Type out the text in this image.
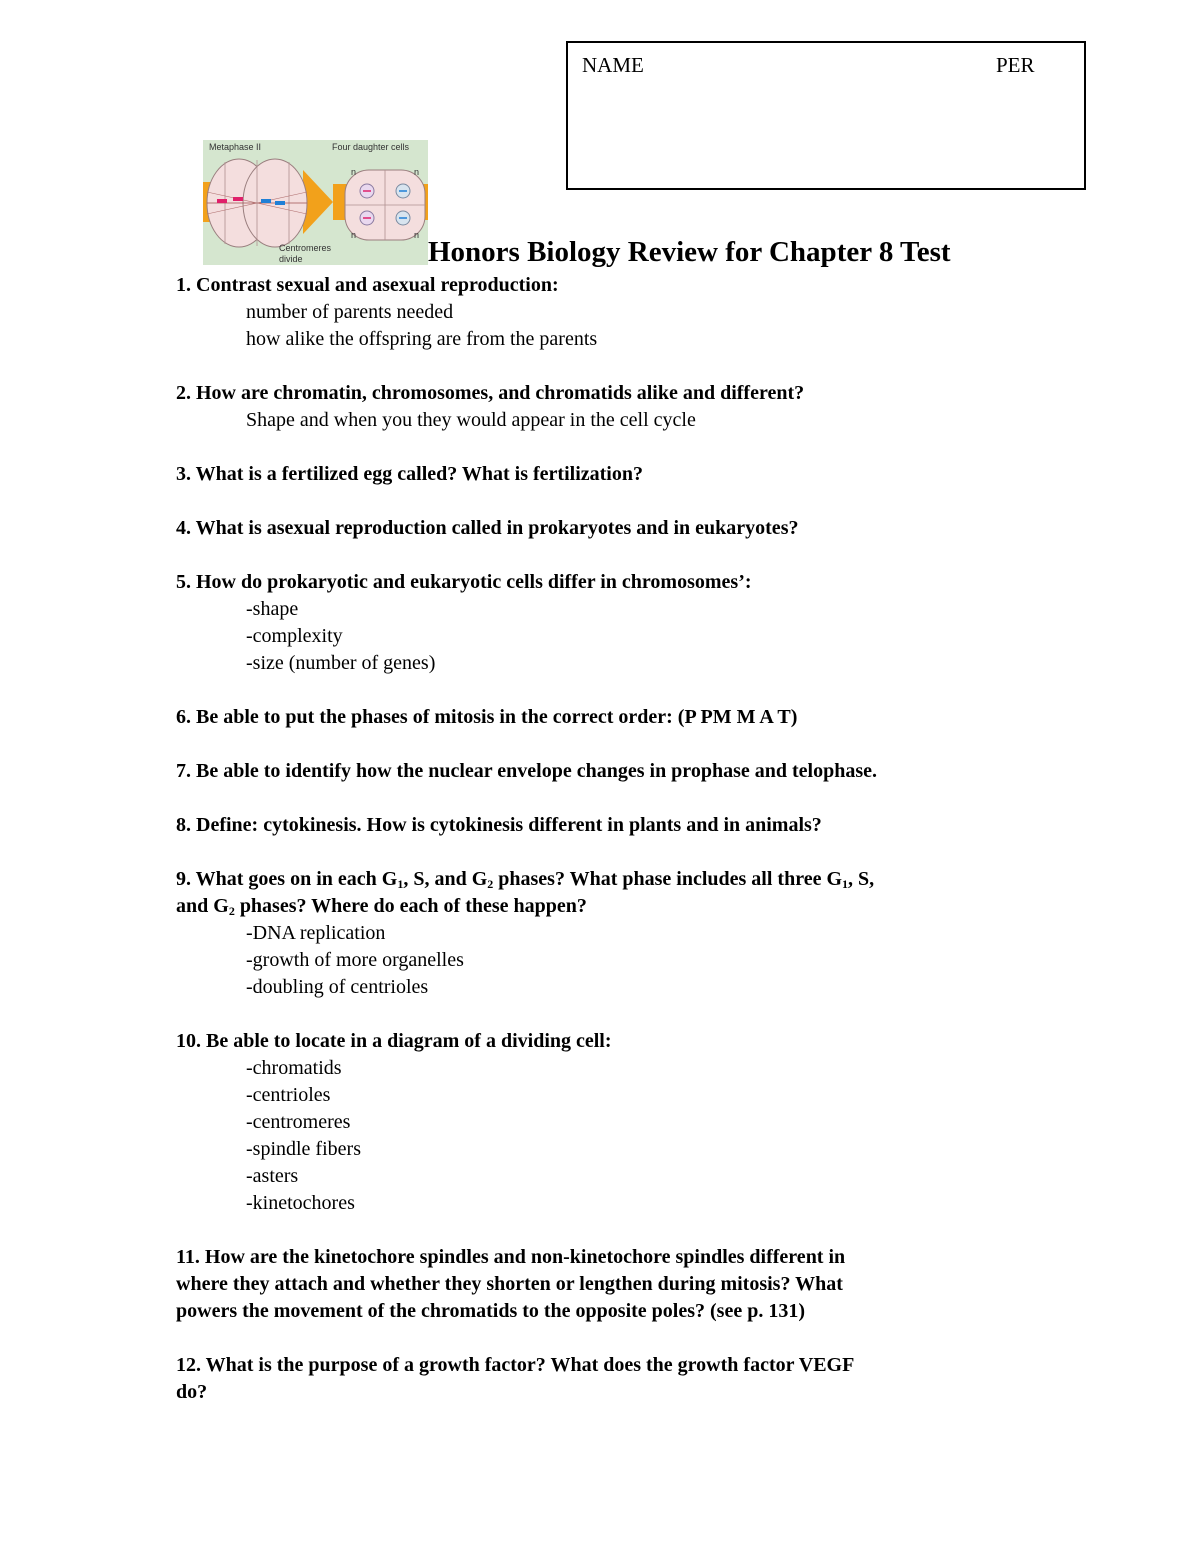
NAME	PER
Metaphase II	Four daughter cells
n	n
n	n
Centromeres
divide	Honors Biology Review for Chapter 8 Test
1. Contrast sexual and asexual reproduction:
number of parents needed
how alike the offspring are from the parents
2. How are chromatin, chromosomes, and chromatids alike and different?
Shape and when you they would appear in the cell cycle
3. What is a fertilized egg called? What is fertilization?
4. What is asexual reproduction called in prokaryotes and in eukaryotes?
5. How do prokaryotic and eukaryotic cells differ in chromosomes’:
-shape
-complexity
-size (number of genes)
6. Be able to put the phases of mitosis in the correct order: (P PM M A T)
7. Be able to identify how the nuclear envelope changes in prophase and telophase.
8. Define: cytokinesis. How is cytokinesis different in plants and in animals?
9. What goes on in each $G_1$, S, and $G_2$ phases? What phase includes all three $G_1$, S,
and $G_2$ phases? Where do each of these happen?
-DNA replication
-growth of more organelles
-doubling of centrioles
10. Be able to locate in a diagram of a dividing cell:
-chromatids
-centrioles
-centromeres
-spindle fibers
-asters
-kinetochores
11. How are the kinetochore spindles and non-kinetochore spindles different in
where they attach and whether they shorten or lengthen during mitosis? What
powers the movement of the chromatids to the opposite poles? (see p. 131)
12. What is the purpose of a growth factor? What does the growth factor VEGF
do?
